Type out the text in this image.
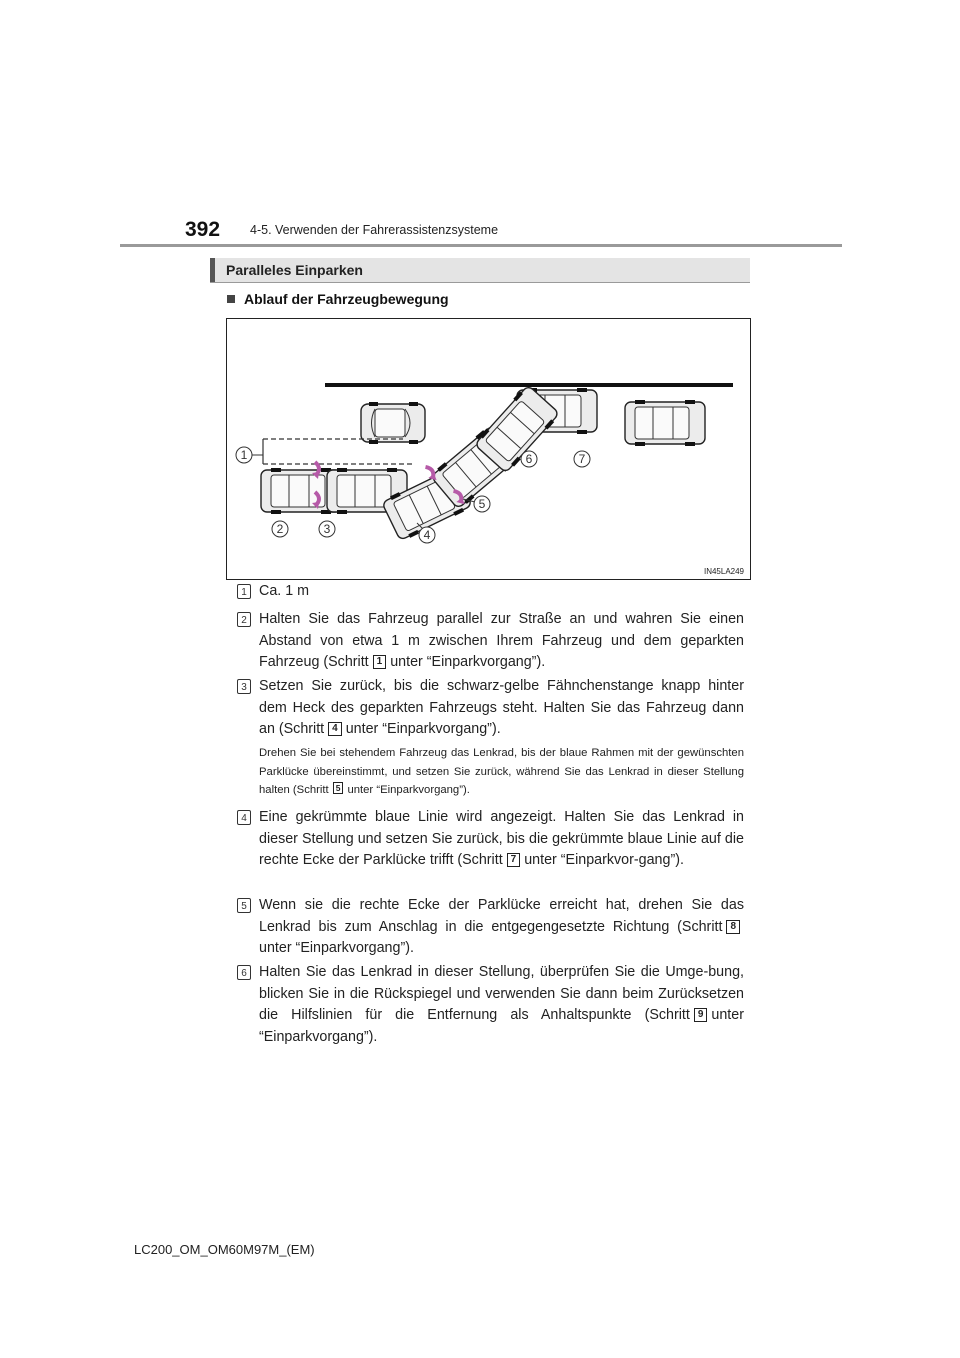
392 4-5. Verwenden der Fahrerassistenzsysteme
Paralleles Einparken
Ablauf der Fahrzeugbewegung
1
2	3	4
5
6	7
IN45LA249
1 Ca. 1 m
2 Halten Sie das Fahrzeug parallel zur Straße an und wahren Sie einen Abstand von etwa 1 m zwischen Ihrem Fahrzeug und dem geparkten Fahrzeug (Schritt 1 unter “Einparkvorgang”).
3 Setzen Sie zurück, bis die schwarz-gelbe Fähnchenstange knapp hinter dem Heck des geparkten Fahrzeugs steht. Halten Sie das Fahrzeug dann an (Schritt 4 unter “Einparkvorgang”).
Drehen Sie bei stehendem Fahrzeug das Lenkrad, bis der blaue Rahmen mit der gewünschten Parklücke übereinstimmt, und setzen Sie zurück, während Sie das Lenkrad in dieser Stellung halten (Schritt 5 unter “Einparkvorgang”).
4 Eine gekrümmte blaue Linie wird angezeigt. Halten Sie das Lenkrad in dieser Stellung und setzen Sie zurück, bis die gekrümmte blaue Linie auf die rechte Ecke der Parklücke trifft (Schritt 7 unter “Einparkvor-gang”).
5 Wenn sie die rechte Ecke der Parklücke erreicht hat, drehen Sie das Lenkrad bis zum Anschlag in die entgegengesetzte Richtung (Schritt 8unter “Einparkvorgang”).
6 Halten Sie das Lenkrad in dieser Stellung, überprüfen Sie die Umge-bung, blicken Sie in die Rückspiegel und verwenden Sie dann beim Zurücksetzen die Hilfslinien für die Entfernung als Anhaltspunkte (Schritt 9 unter “Einparkvorgang”).
LC200_OM_OM60M97M_(EM)
